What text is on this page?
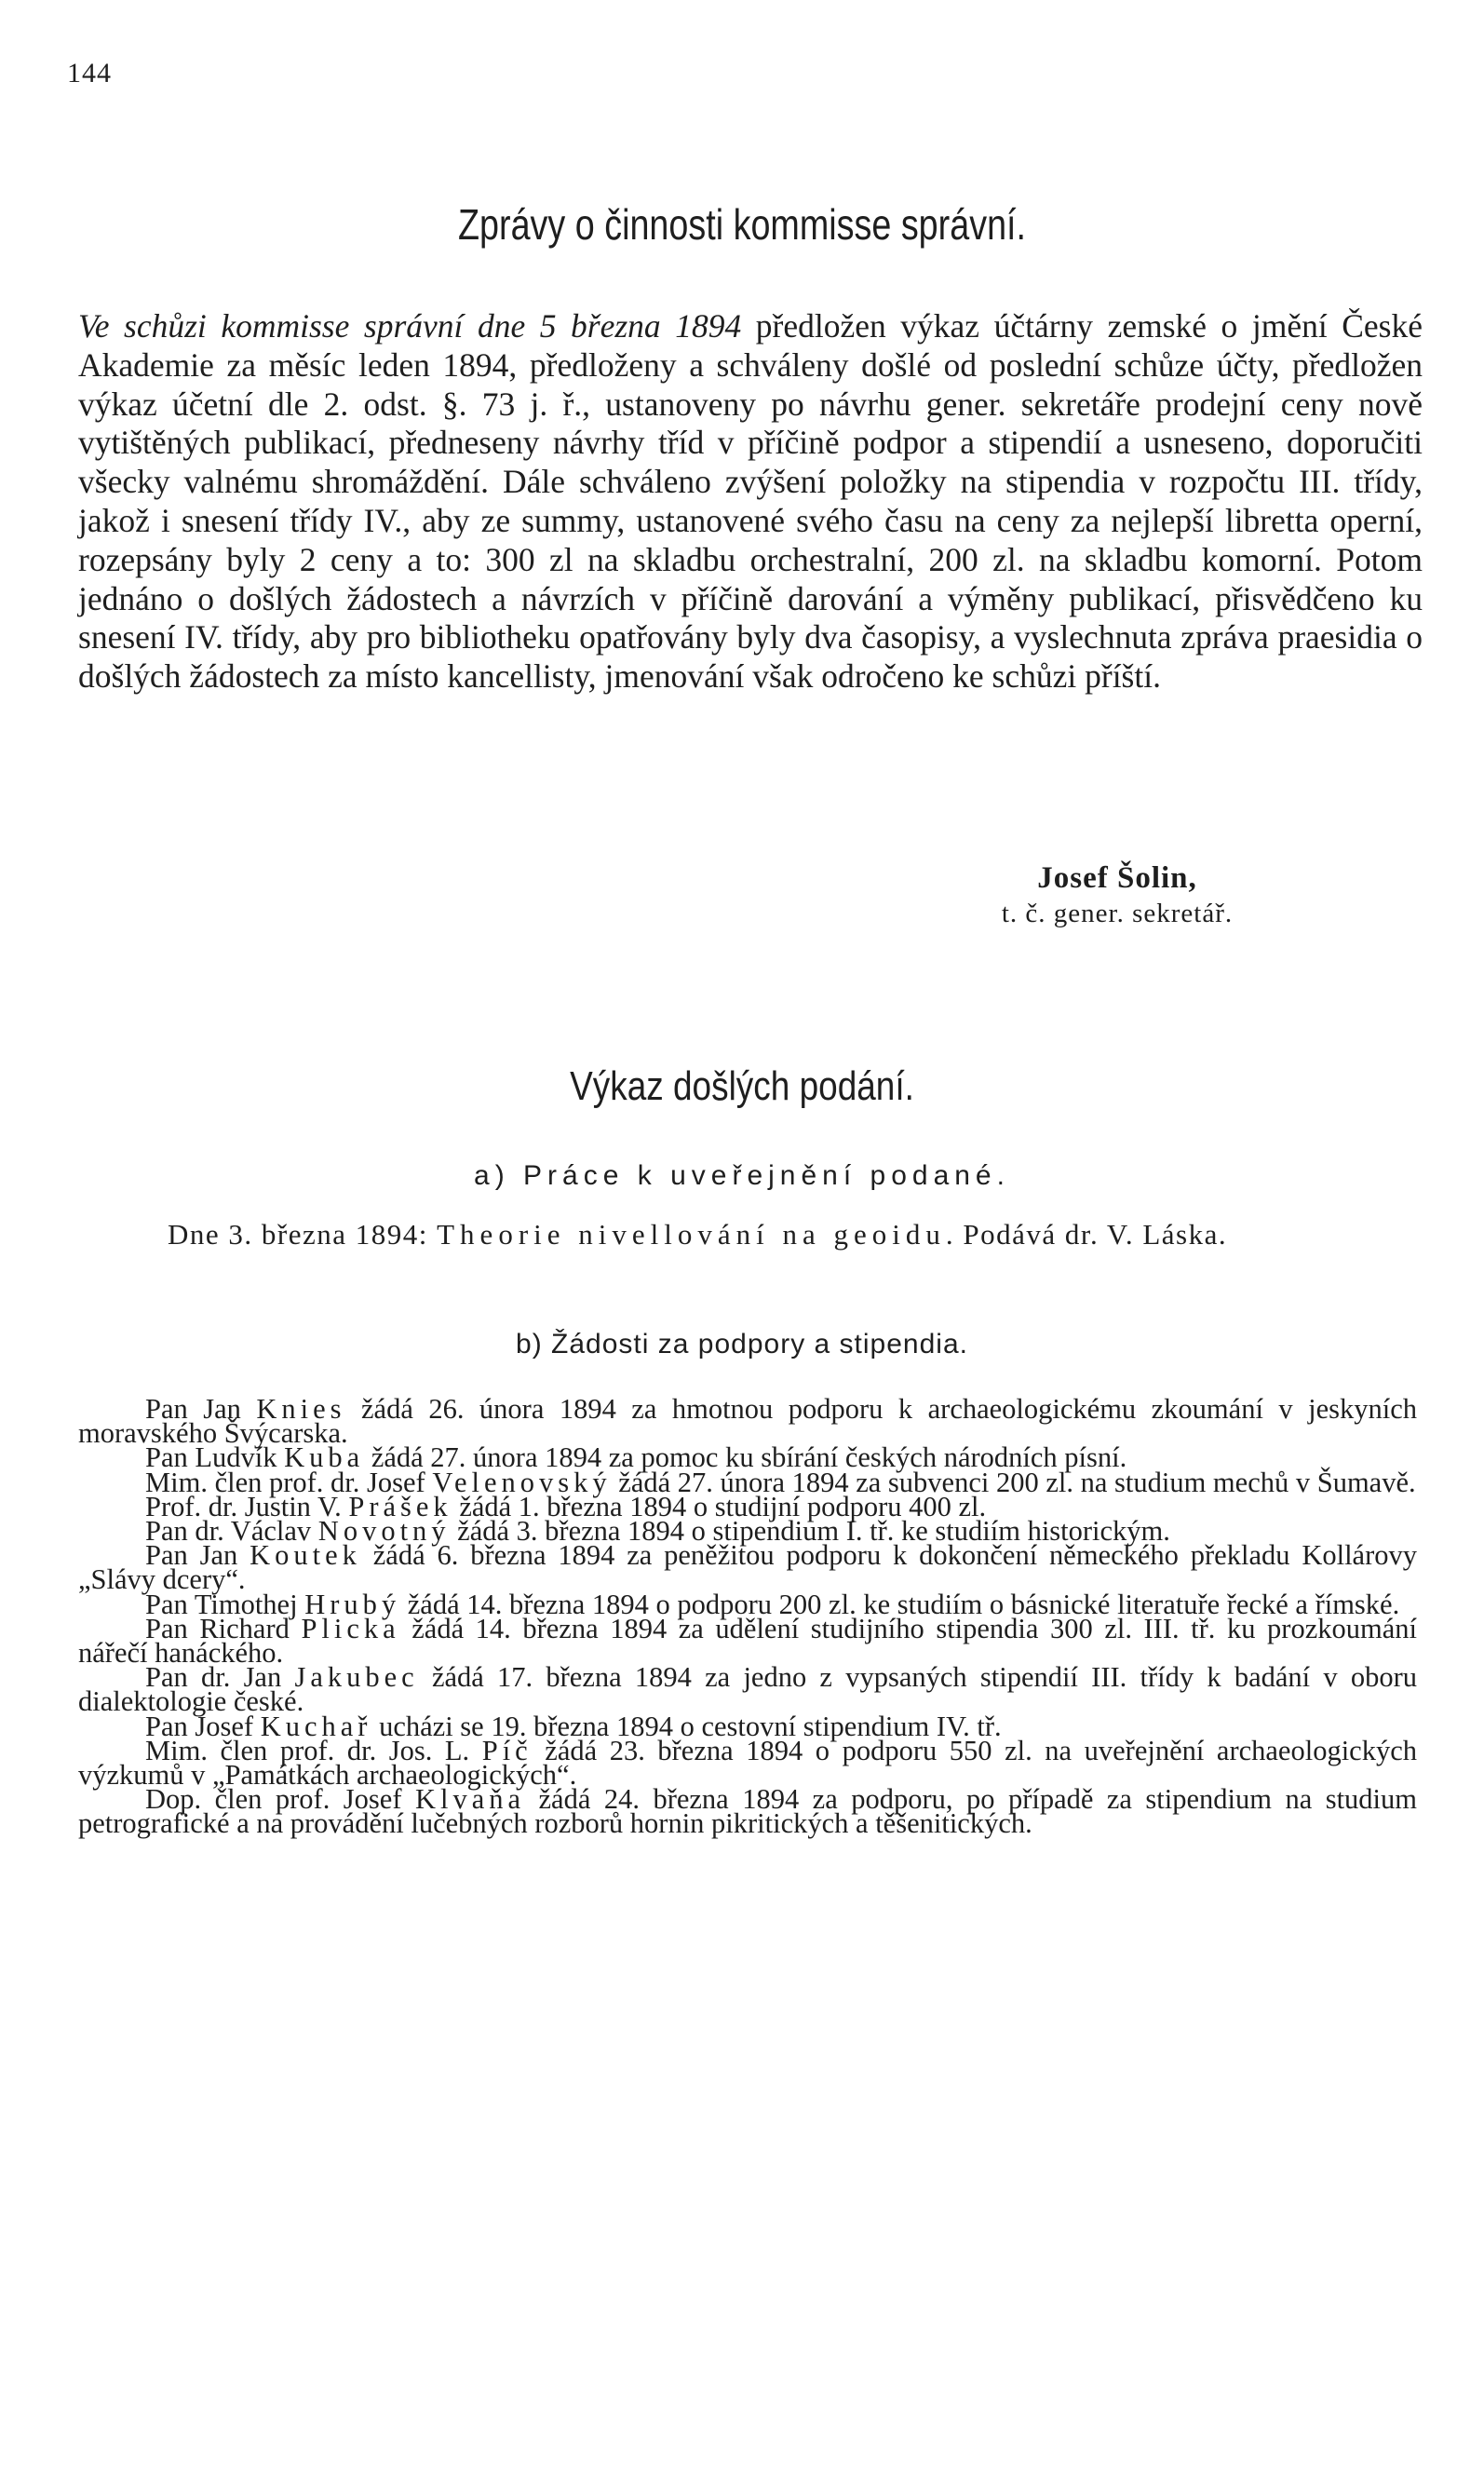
144
Zprávy o činnosti kommisse správní.

Ve schůzi kommisse správní dne 5 března 1894 předložen výkaz účtárny zemské o jmění České Akademie za měsíc leden 1894, předloženy a schváleny došlé od poslední schůze účty, předložen výkaz účetní dle 2. odst. §. 73 j. ř., ustanoveny po návrhu gener. sekretáře prodejní ceny nově vytištěných publikací, předneseny návrhy tříd v příčině podpor a stipendií a usneseno, doporučiti všecky valnému shromáždění. Dále schváleno zvýšení položky na stipendia v rozpočtu III. třídy, jakož i snesení třídy IV., aby ze summy, ustanovené svého času na ceny za nejlepší libretta operní, rozepsány byly 2 ceny a to: 300 zl na skladbu orchestralní, 200 zl. na skladbu komorní. Potom jednáno o došlých žádostech a návrzích v příčině darování a výměny publikací, přisvědčeno ku snesení IV. třídy, aby pro bibliotheku opatřovány byly dva časopisy, a vyslechnuta zpráva praesidia o došlých žádostech za místo kancellisty, jmenování však odročeno ke schůzi příští.

Josef Šolin,
t. č. gener. sekretář.
Výkaz došlých podání.
a) Práce k uveřejnění podané.
Dne 3. března 1894: Theorie nivellování na geoidu. Podává dr. V. Láska.
b) Žádosti za podpory a stipendia.
Pan Jan Knies žádá 26. února 1894 za hmotnou podporu k archaeologickému zkoumání v jeskyních moravského Švýcarska.
Pan Ludvík Kuba žádá 27. února 1894 za pomoc ku sbírání českých národních písní.
Mim. člen prof. dr. Josef Velenovský žádá 27. února 1894 za subvenci 200 zl. na studium mechů v Šumavě.
Prof. dr. Justin V. Prášek žádá 1. března 1894 o studijní podporu 400 zl.
Pan dr. Václav Novotný žádá 3. března 1894 o stipendium I. tř. ke studiím historickým.
Pan Jan Koutek žádá 6. března 1894 za peněžitou podporu k dokončení německého překladu Kollárovy „Slávy dcery“.
Pan Timothej Hrubý žádá 14. března 1894 o podporu 200 zl. ke studiím o básnické literatuře řecké a římské.
Pan Richard Plicka žádá 14. března 1894 za udělení studijního stipendia 300 zl. III. tř. ku prozkoumání nářečí hanáckého.
Pan dr. Jan Jakubec žádá 17. března 1894 za jedno z vypsaných stipendií III. třídy k badání v oboru dialektologie české.
Pan Josef Kuchař ucházi se 19. března 1894 o cestovní stipendium IV. tř.
Mim. člen prof. dr. Jos. L. Píč žádá 23. března 1894 o podporu 550 zl. na uveřejnění archaeologických výzkumů v „Památkách archaeologických“.
Dop. člen prof. Josef Klvaňa žádá 24. března 1894 za podporu, po případě za stipendium na studium petrografické a na provádění lučebných rozborů hornin pikritických a těšenitických.
